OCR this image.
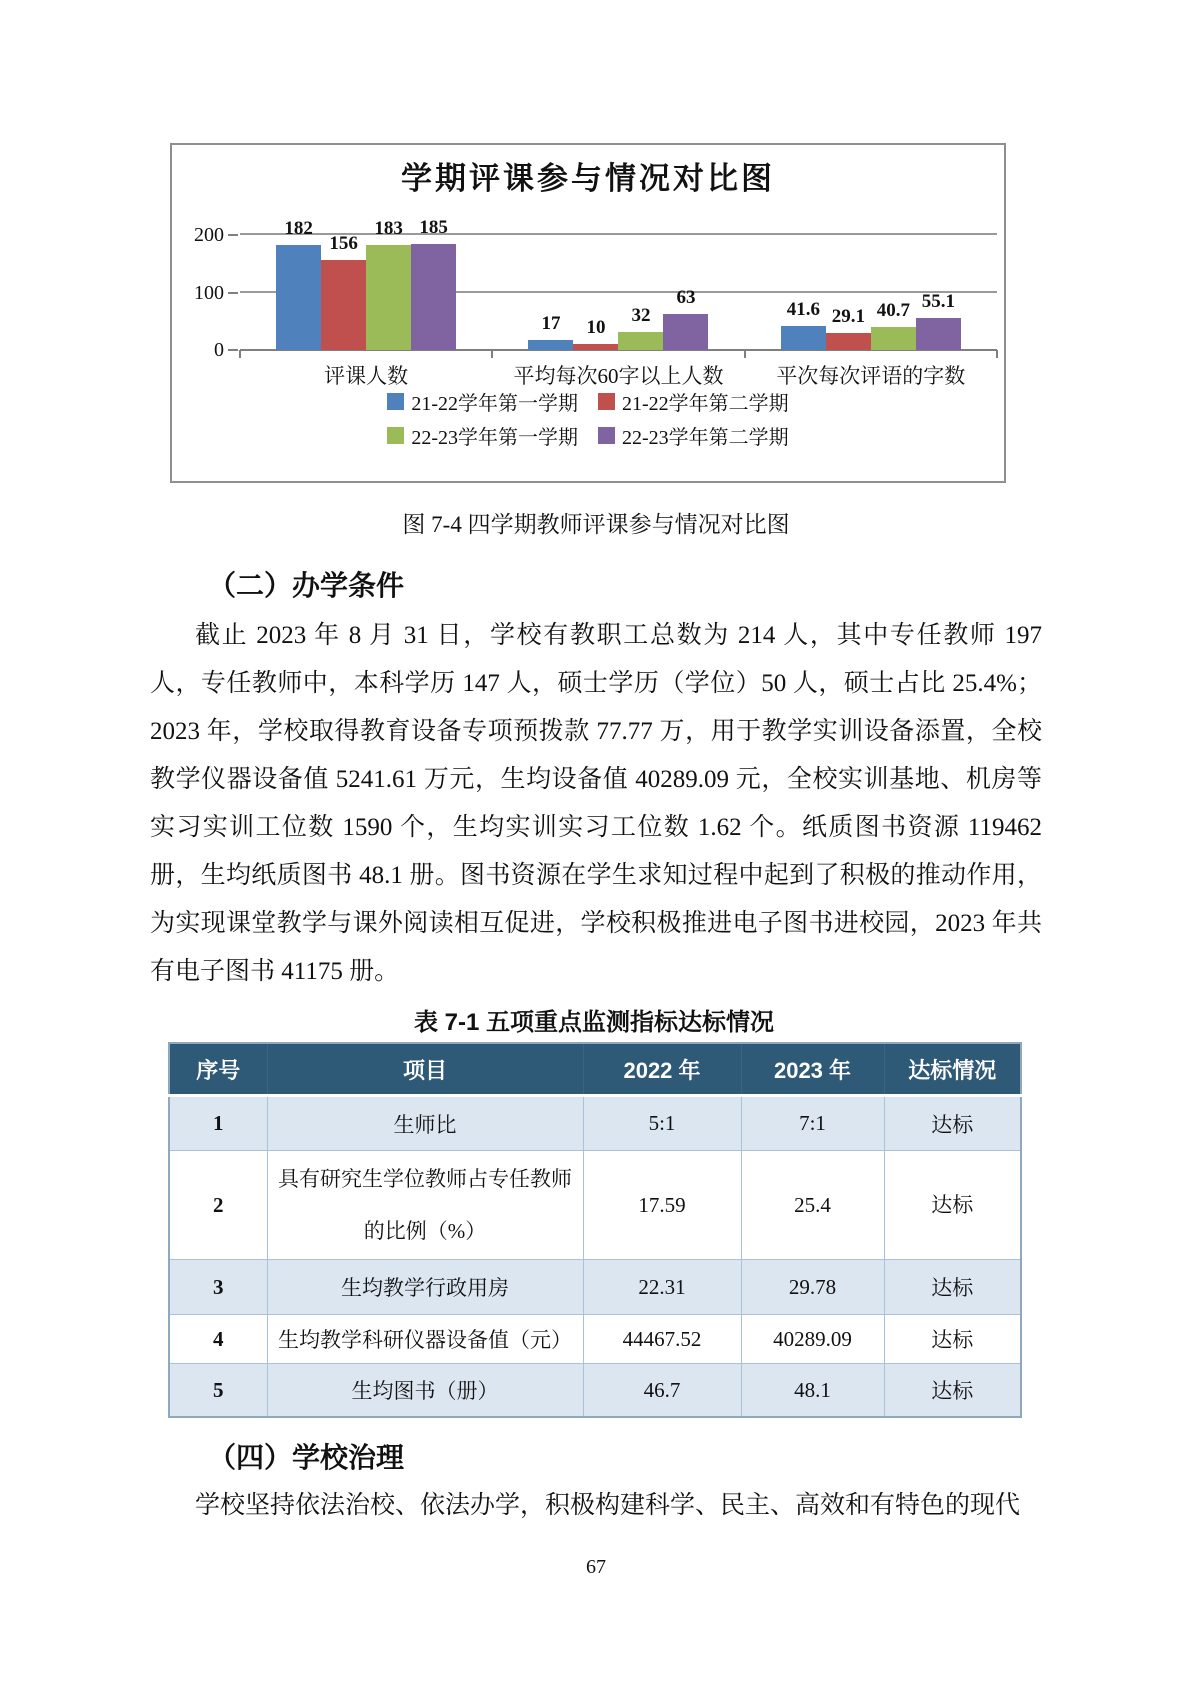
学期评课参与情况对比图
0
100
200	182
156
183 185
17 10
32
63
41.6 29.1 40.7 55.1
评课人数	平均每次60字以上人数	平次每次评语的字数
21-22学年第一学期 21-22学年第二学期
22-23学年第一学期 22-23学年第二学期
图 7-4 四学期教师评课参与情况对比图
（二）办学条件
截止 2023 年 8 月 31 日，学校有教职工总数为 214 人，其中专任教师 197 人，专任教师中，本科学历 147 人，硕士学历（学位）50 人，硕士占比 25.4%；2023 年，学校取得教育设备专项预拨款 77.77 万，用于教学实训设备添置，全校教学仪器设备值 5241.61 万元，生均设备值 40289.09 元，全校实训基地、机房等实习实训工位数 1590 个，生均实训实习工位数 1.62 个。纸质图书资源 119462 册，生均纸质图书 48.1 册。图书资源在学生求知过程中起到了积极的推动作用，为实现课堂教学与课外阅读相互促进，学校积极推进电子图书进校园，2023 年共有电子图书 41175 册。
表 7-1 五项重点监测指标达标情况
序号	项目	2022 年	2023 年	达标情况
1	生师比	5:1	7:1	达标
2	具有研究生学位教师占专任教师的比例（%）	17.59	25.4	达标
3	生均教学行政用房	22.31	29.78	达标
4	生均教学科研仪器设备值（元）	44467.52	40289.09	达标
5	生均图书（册）	46.7	48.1	达标
（四）学校治理
学校坚持依法治校、依法办学，积极构建科学、民主、高效和有特色的现代
67
